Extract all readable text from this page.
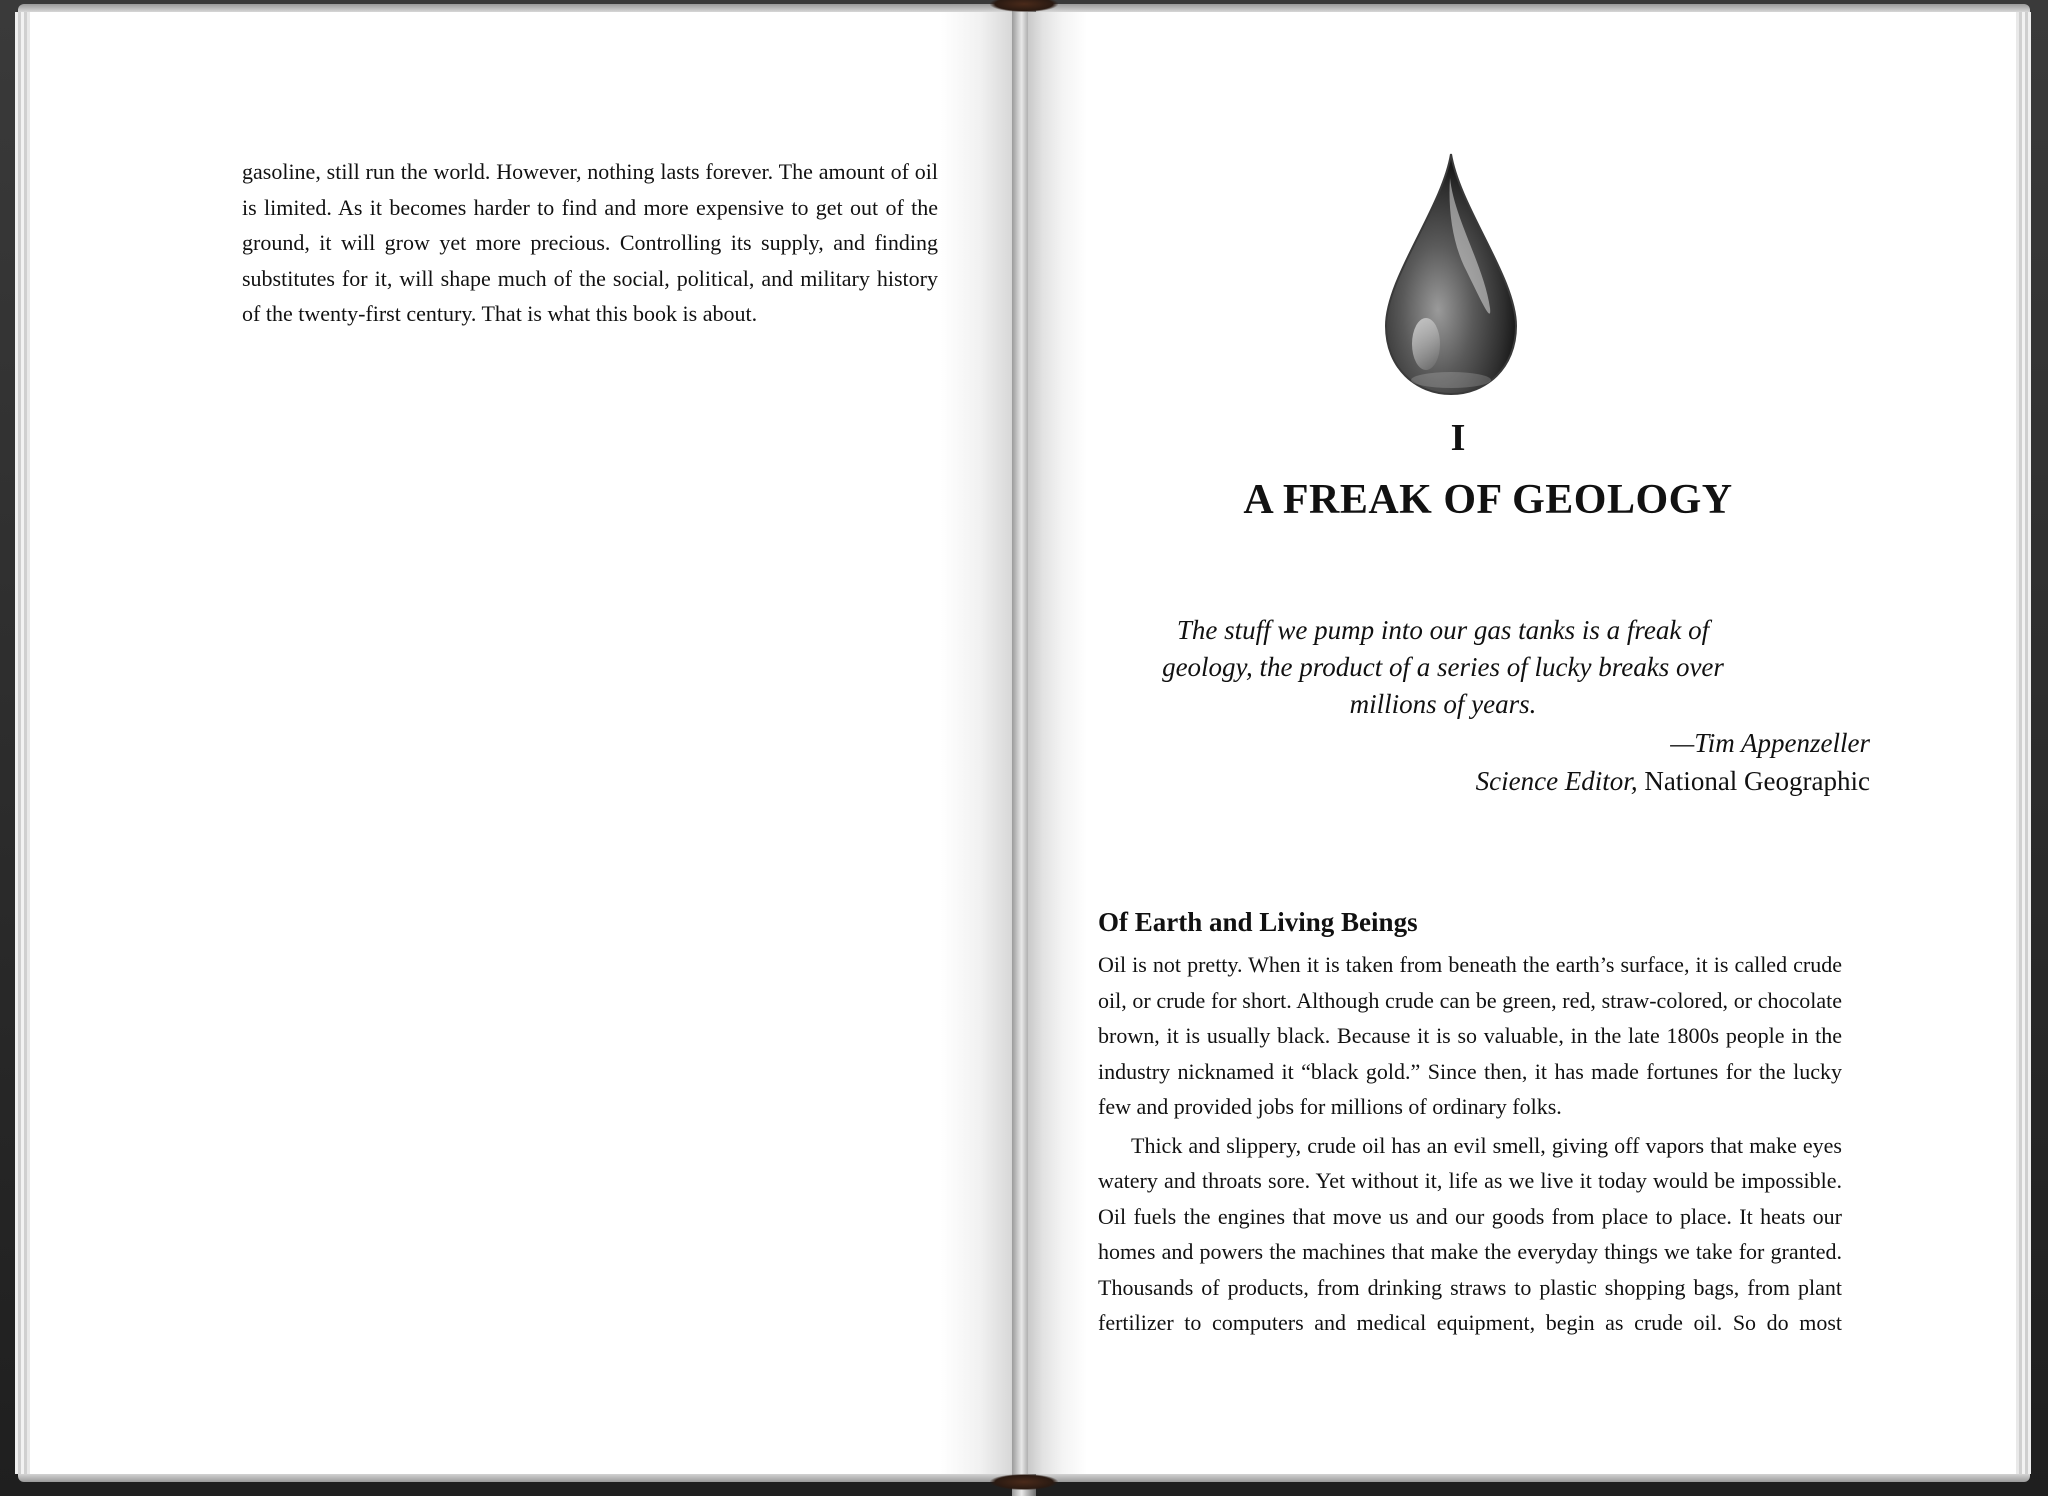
gasoline, still run the world. However, nothing lasts forever. The amount of oil is limited. As it becomes harder to find and more expensive to get out of the ground, it will grow yet more precious. Controlling its supply, and finding substitutes for it, will shape much of the social, political, and military history of the twenty-first century. That is what this book is about.
I
A FREAK OF GEOLOGY
The stuff we pump into our gas tanks is a freak of geology, the product of a series of lucky breaks over millions of years.
—Tim Appenzeller
Science Editor, National Geographic
Of Earth and Living Beings

Oil is not pretty. When it is taken from beneath the earth’s surface, it is called crude oil, or crude for short. Although crude can be green, red, straw-colored, or chocolate brown, it is usually black. Because it is so valuable, in the late 1800s people in the industry nicknamed it “black gold.” Since then, it has made fortunes for the lucky few and provided jobs for millions of ordinary folks.

Thick and slippery, crude oil has an evil smell, giving off vapors that make eyes watery and throats sore. Yet without it, life as we live it today would be impossible. Oil fuels the engines that move us and our goods from place to place. It heats our homes and powers the machines that make the everyday things we take for granted. Thousands of products, from drinking straws to plastic shopping bags, from plant fertilizer to computers and medical equipment, begin as crude oil. So do most
